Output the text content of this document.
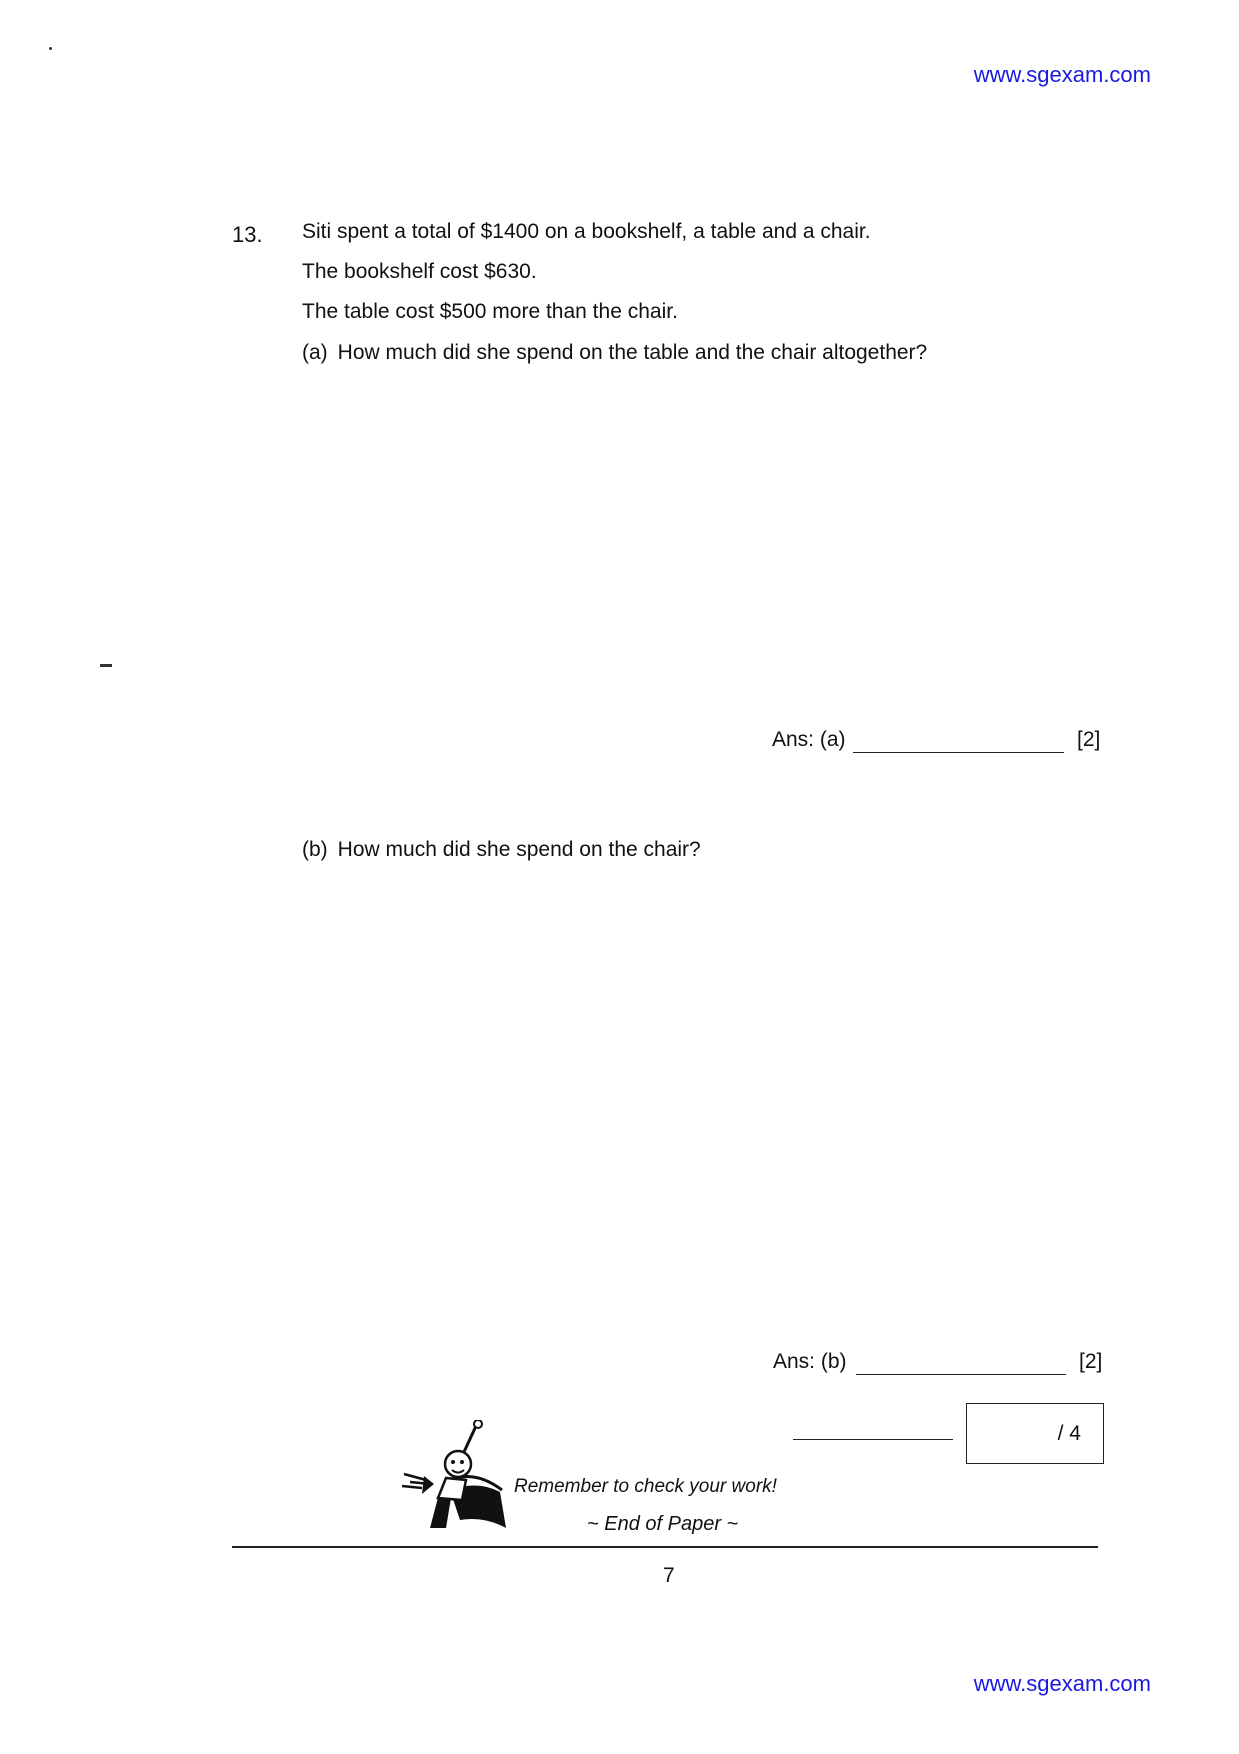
www.sgexam.com
13. Siti spent a total of $1400 on a bookshelf, a table and a chair.
The bookshelf cost $630.
The table cost $500 more than the chair.
(a) How much did she spend on the table and the chair altogether?
Ans: (a)	[2]
(b) How much did she spend on the chair?
Ans: (b)	[2]
/ 4
Remember to check your work!
~ End of Paper ~
7
www.sgexam.com
